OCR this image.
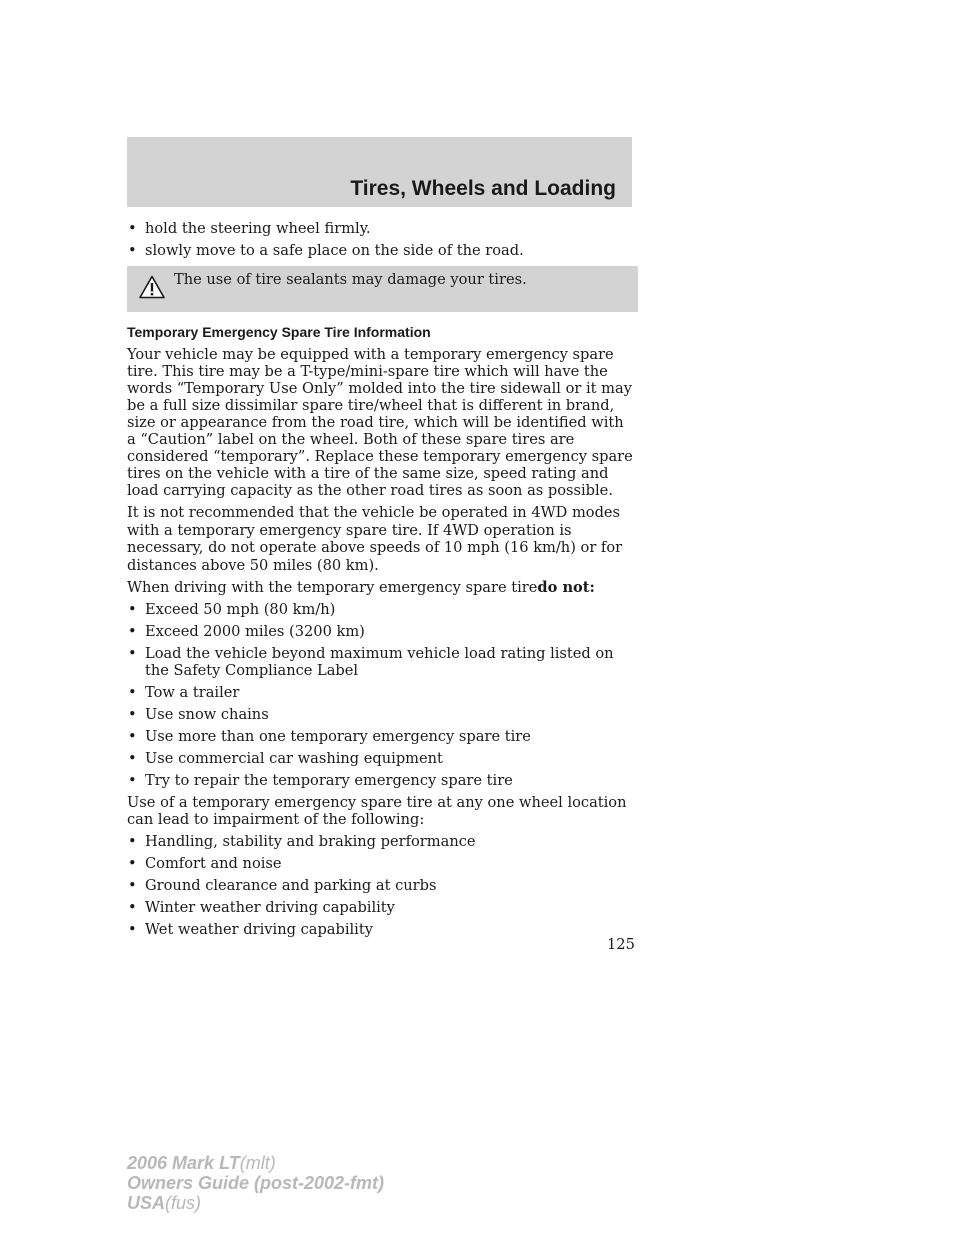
Tires, Wheels and Loading
• hold the steering wheel firmly.
• slowly move to a safe place on the side of the road.
The use of tire sealants may damage your tires.
Temporary Emergency Spare Tire Information

Your vehicle may be equipped with a temporary emergency spare tire. This tire may be a T-type/mini-spare tire which will have the words “Temporary Use Only” molded into the tire sidewall or it may be a full size dissimilar spare tire/wheel that is different in brand, size or appearance from the road tire, which will be identified with a “Caution” label on the wheel. Both of these spare tires are considered “temporary”. Replace these temporary emergency spare tires on the vehicle with a tire of the same size, speed rating and load carrying capacity as the other road tires as soon as possible.

It is not recommended that the vehicle be operated in 4WD modes with a temporary emergency spare tire. If 4WD operation is necessary, do not operate above speeds of 10 mph (16 km/h) or for distances above 50 miles (80 km).

When driving with the temporary emergency spare tiredo not:

• Exceed 50 mph (80 km/h)
• Exceed 2000 miles (3200 km)
• Load the vehicle beyond maximum vehicle load rating listed on the Safety Compliance Label
• Tow a trailer
• Use snow chains
• Use more than one temporary emergency spare tire
• Use commercial car washing equipment
• Try to repair the temporary emergency spare tire

Use of a temporary emergency spare tire at any one wheel location can lead to impairment of the following:

• Handling, stability and braking performance
• Comfort and noise
• Ground clearance and parking at curbs
• Winter weather driving capability
• Wet weather driving capability
125
2006 Mark LT(mlt)
Owners Guide (post-2002-fmt)
USA(fus)
